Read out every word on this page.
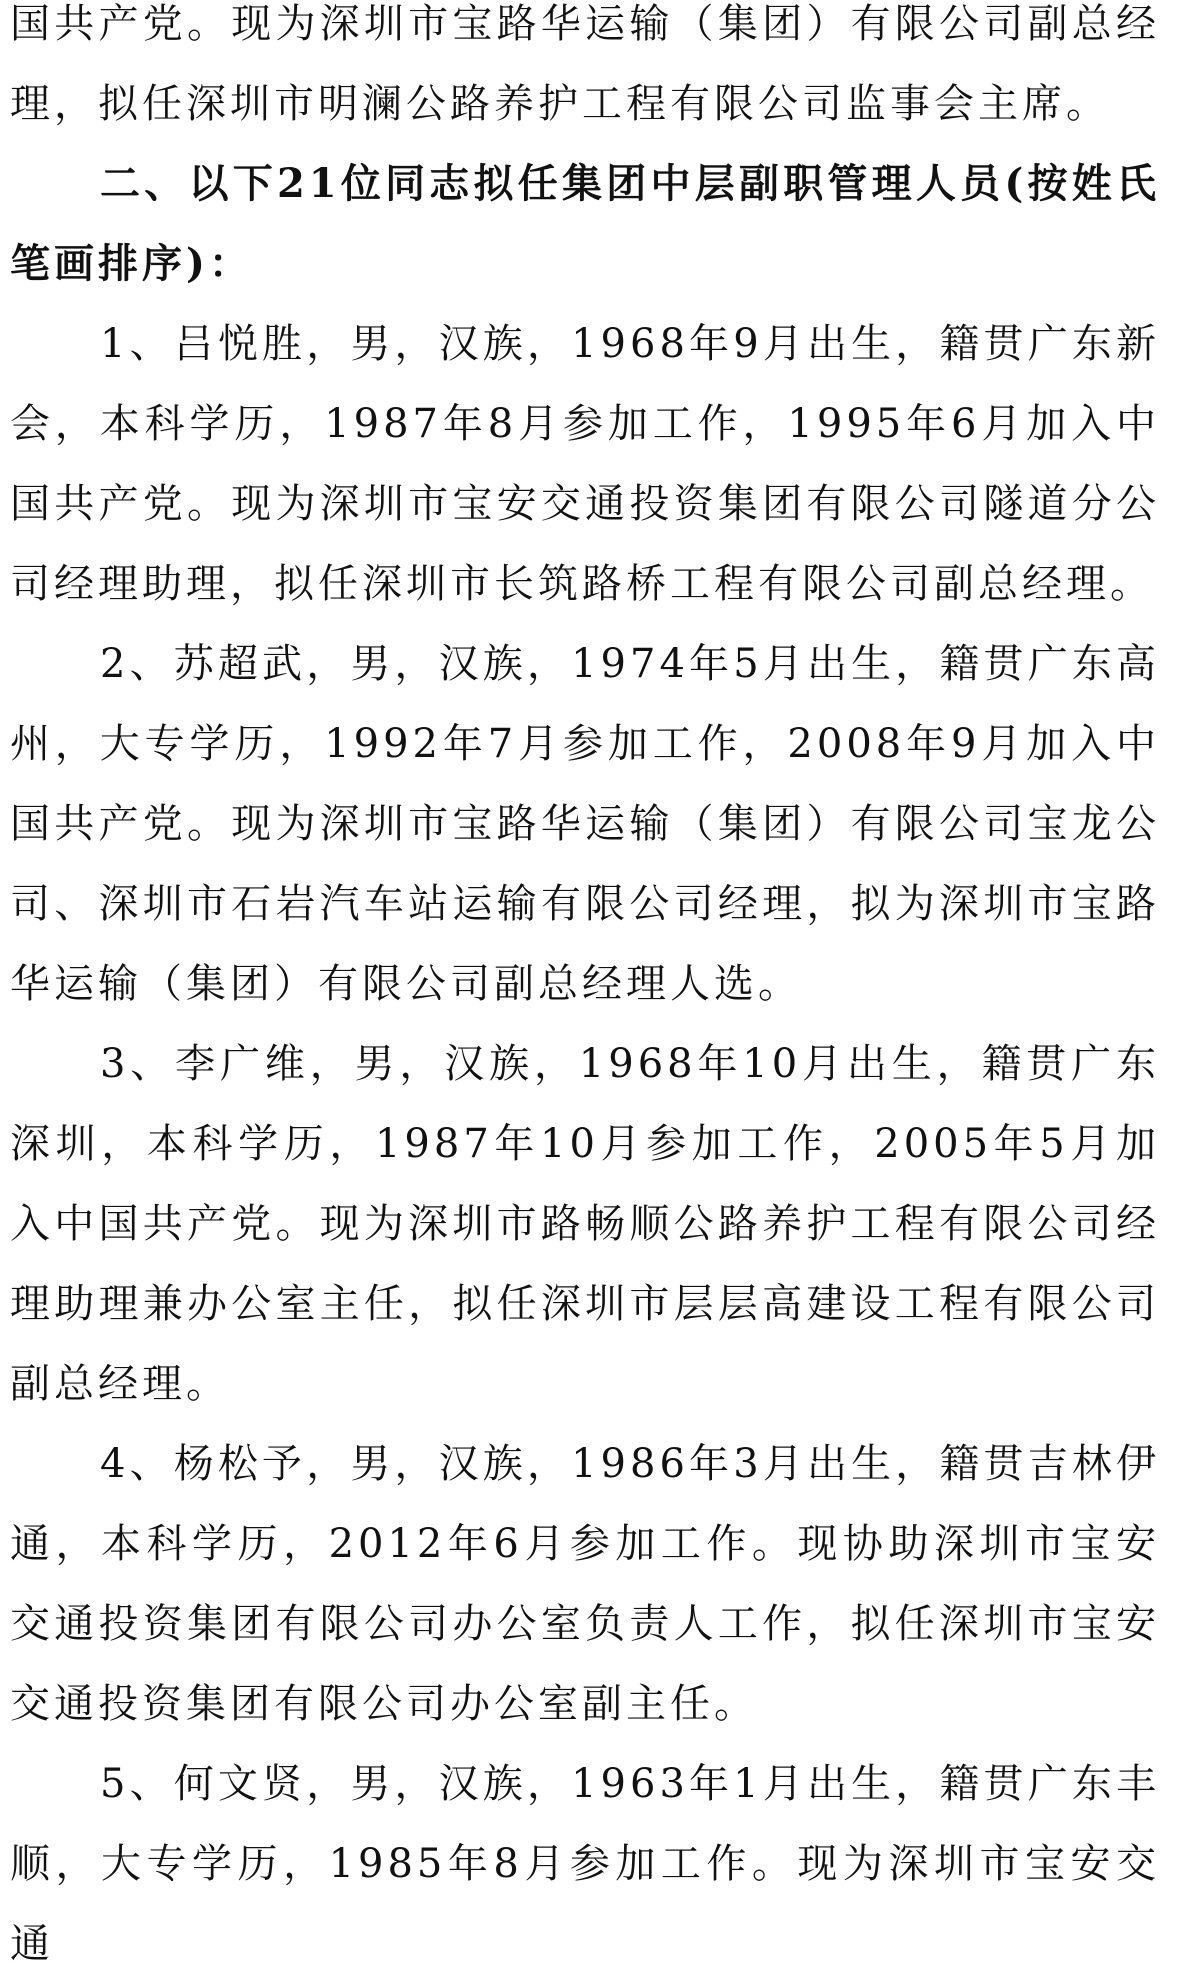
国共产党。现为深圳市宝路华运输（集团）有限公司副总经理，拟任深圳市明澜公路养护工程有限公司监事会主席。

二、以下21位同志拟任集团中层副职管理人员(按姓氏笔画排序)：

1、吕悦胜，男，汉族，1968年9月出生，籍贯广东新会，本科学历，1987年8月参加工作，1995年6月加入中国共产党。现为深圳市宝安交通投资集团有限公司隧道分公司经理助理，拟任深圳市长筑路桥工程有限公司副总经理。

2、苏超武，男，汉族，1974年5月出生，籍贯广东高州，大专学历，1992年7月参加工作，2008年9月加入中国共产党。现为深圳市宝路华运输（集团）有限公司宝龙公司、深圳市石岩汽车站运输有限公司经理，拟为深圳市宝路华运输（集团）有限公司副总经理人选。

3、李广维，男，汉族，1968年10月出生，籍贯广东深圳，本科学历，1987年10月参加工作，2005年5月加入中国共产党。现为深圳市路畅顺公路养护工程有限公司经理助理兼办公室主任，拟任深圳市层层高建设工程有限公司副总经理。

4、杨松予，男，汉族，1986年3月出生，籍贯吉林伊通，本科学历，2012年6月参加工作。现协助深圳市宝安交通投资集团有限公司办公室负责人工作，拟任深圳市宝安交通投资集团有限公司办公室副主任。

5、何文贤，男，汉族，1963年1月出生，籍贯广东丰顺，大专学历，1985年8月参加工作。现为深圳市宝安交通
